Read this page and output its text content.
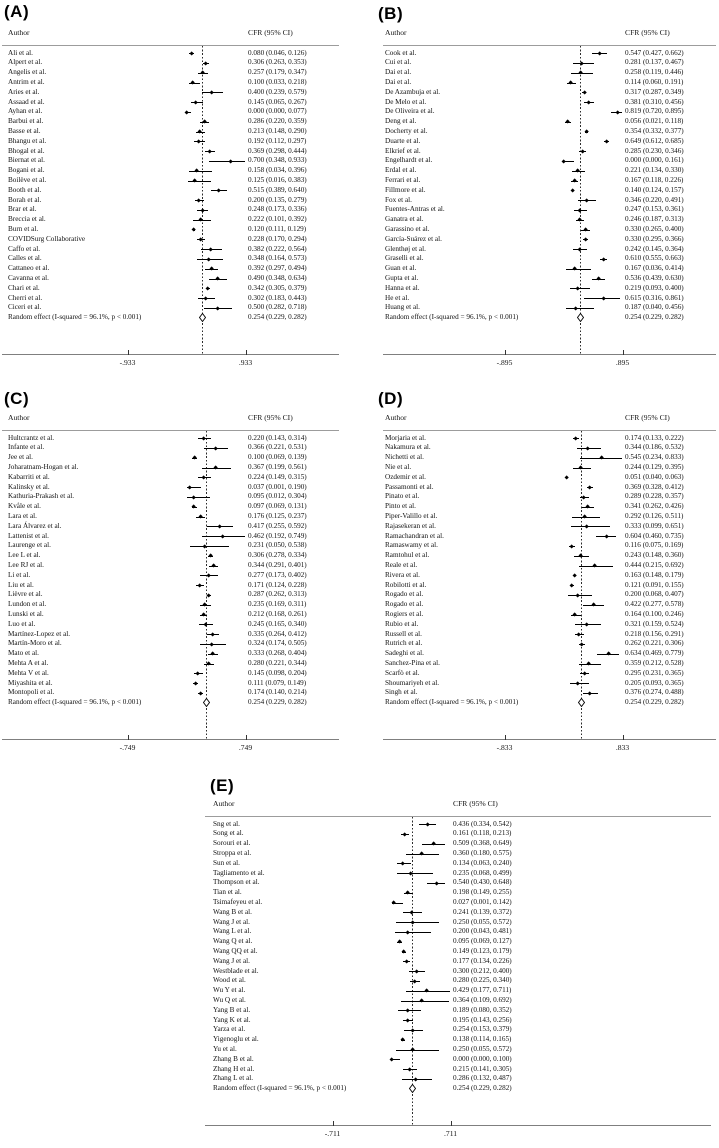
(A)
Author	CFR (95% CI)
Ali et al.	0.080 (0.046, 0.126)
Alpert et al.	0.306 (0.263, 0.353)
Angelis et al.	0.257 (0.179, 0.347)
Antrim et al.	0.100 (0.033, 0.218)
Aries et al.	0.400 (0.239, 0.579)
Assaad et al.	0.145 (0.065, 0.267)
Ayhan et al.	0.000 (0.000, 0.077)
Barbui et al.	0.286 (0.220, 0.359)
Basse et al.	0.213 (0.148, 0.290)
Bhangu et al.	0.192 (0.112, 0.297)
Bhogal et al.	0.369 (0.298, 0.444)
Biernat et al.	0.700 (0.348, 0.933)
Bogani et al.	0.158 (0.034, 0.396)
Boilève et al.	0.125 (0.016, 0.383)
Booth et al.	0.515 (0.389, 0.640)
Borah et al.	0.200 (0.135, 0.279)
Brar et al.	0.248 (0.173, 0.336)
Breccia et al.	0.222 (0.101, 0.392)
Burn et al.	0.120 (0.111, 0.129)
COVIDSurg Collaborative	0.228 (0.170, 0.294)
Caffo et al.	0.382 (0.222, 0.564)
Calles et al.	0.348 (0.164, 0.573)
Cattaneo et al.	0.392 (0.297, 0.494)
Cavanna et al.	0.490 (0.348, 0.634)
Chari et al.	0.342 (0.305, 0.379)
Cherri et al.	0.302 (0.183, 0.443)
Ciceri et al.	0.500 (0.282, 0.718)
Random effect (I-squared = 96.1%, p < 0.001)	0.254 (0.229, 0.282)
-.933	.933
(B)
Author	CFR (95% CI)
Cook et al.	0.547 (0.427, 0.662)
Cui et al.	0.281 (0.137, 0.467)
Dai et al.	0.258 (0.119, 0.446)
Dai et al.	0.114 (0.060, 0.191)
De Azambuja et al.	0.317 (0.287, 0.349)
De Melo et al.	0.381 (0.310, 0.456)
De Oliveira et al.	0.819 (0.720, 0.895)
Deng et al.	0.056 (0.021, 0.118)
Docherty et al.	0.354 (0.332, 0.377)
Duarte et al.	0.649 (0.612, 0.685)
Elkrief et al.	0.285 (0.230, 0.346)
Engelhardt et al.	0.000 (0.000, 0.161)
Erdal et al.	0.221 (0.134, 0.330)
Ferrari et al.	0.167 (0.118, 0.226)
Fillmore et al.	0.140 (0.124, 0.157)
Fox et al.	0.346 (0.220, 0.491)
Fuentes-Antras et al.	0.247 (0.153, 0.361)
Ganatra et al.	0.246 (0.187, 0.313)
Garassino et al.	0.330 (0.265, 0.400)
García-Suárez et al.	0.330 (0.295, 0.366)
Glenthøj et al.	0.242 (0.145, 0.364)
Graselli et al.	0.610 (0.555, 0.663)
Guan et al.	0.167 (0.036, 0.414)
Gupta et al.	0.536 (0.439, 0.630)
Hanna et al.	0.219 (0.093, 0.400)
He et al.	0.615 (0.316, 0.861)
Huang et al.	0.187 (0.040, 0.456)
Random effect (I-squared = 96.1%, p < 0.001)	0.254 (0.229, 0.282)
-.895	.895
(C)
Author	CFR (95% CI)
Hultcrantz et al.	0.220 (0.143, 0.314)
Infante et al.	0.366 (0.221, 0.531)
Jee et al.	0.100 (0.069, 0.139)
Joharatnam-Hogan et al.	0.367 (0.199, 0.561)
Kabarriti et al.	0.224 (0.149, 0.315)
Kalinsky et al.	0.037 (0.001, 0.190)
Kathuria-Prakash et al.	0.095 (0.012, 0.304)
Kvåle et al.	0.097 (0.069, 0.131)
Lara et al.	0.176 (0.125, 0.237)
Lara Álvarez et al.	0.417 (0.255, 0.592)
Lattenist et al.	0.462 (0.192, 0.749)
Laurenge et al.	0.231 (0.050, 0.538)
Lee L et al.	0.306 (0.278, 0.334)
Lee RJ et al.	0.344 (0.291, 0.401)
Li et al.	0.277 (0.173, 0.402)
Liu et al.	0.171 (0.124, 0.228)
Lièvre et al.	0.287 (0.262, 0.313)
Lundon et al.	0.235 (0.169, 0.311)
Lunski et al.	0.212 (0.168, 0.261)
Luo et al.	0.245 (0.165, 0.340)
Martínez-Lopez et al.	0.335 (0.264, 0.412)
Martín-Moro et al.	0.324 (0.174, 0.505)
Mato et al.	0.333 (0.268, 0.404)
Mehta A et al.	0.280 (0.221, 0.344)
Mehta V et al.	0.145 (0.098, 0.204)
Miyashita et al.	0.111 (0.079, 0.149)
Montopoli et al.	0.174 (0.140, 0.214)
Random effect (I-squared = 96.1%, p < 0.001)	0.254 (0.229, 0.282)
-.749	.749
(D)
Author	CFR (95% CI)
Morjaria et al.	0.174 (0.133, 0.222)
Nakamura et al.	0.344 (0.186, 0.532)
Nichetti et al.	0.545 (0.234, 0.833)
Nie et al.	0.244 (0.129, 0.395)
Ozdemir et al.	0.051 (0.040, 0.063)
Passamonti et al.	0.369 (0.328, 0.412)
Pinato et al.	0.289 (0.228, 0.357)
Pinto et al.	0.341 (0.262, 0.426)
Piper-Valillo et al.	0.292 (0.126, 0.511)
Rajasekeran et al.	0.333 (0.099, 0.651)
Ramachandran et al.	0.604 (0.460, 0.735)
Ramaswamy et al.	0.116 (0.075, 0.169)
Ramtohul et al.	0.243 (0.148, 0.360)
Reale et al.	0.444 (0.215, 0.692)
Rivera et al.	0.163 (0.148, 0.179)
Robilotti et al.	0.121 (0.091, 0.155)
Rogado et al.	0.200 (0.068, 0.407)
Rogado et al.	0.422 (0.277, 0.578)
Rogiers et al.	0.164 (0.100, 0.246)
Rubio et al.	0.321 (0.159, 0.524)
Russell et al.	0.218 (0.156, 0.291)
Rutrich et al.	0.262 (0.221, 0.306)
Sadeghi et al.	0.634 (0.469, 0.779)
Sanchez-Pina et al.	0.359 (0.212, 0.528)
Scarfò et al.	0.295 (0.231, 0.365)
Shoumariyeh et al.	0.205 (0.093, 0.365)
Singh et al.	0.376 (0.274, 0.488)
Random effect (I-squared = 96.1%, p < 0.001)	0.254 (0.229, 0.282)
-.833	.833
(E)
Author	CFR (95% CI)
Sng et al.	0.436 (0.334, 0.542)
Song et al.	0.161 (0.118, 0.213)
Sorouri et al.	0.509 (0.368, 0.649)
Stroppa et al.	0.360 (0.180, 0.575)
Sun et al.	0.134 (0.063, 0.240)
Tagliamento et al.	0.235 (0.068, 0.499)
Thompson et al.	0.540 (0.430, 0.648)
Tian et al.	0.198 (0.149, 0.255)
Tsimafeyeu et al.	0.027 (0.001, 0.142)
Wang B et al.	0.241 (0.139, 0.372)
Wang J et al.	0.250 (0.055, 0.572)
Wang L et al.	0.200 (0.043, 0.481)
Wang Q et al.	0.095 (0.069, 0.127)
Wang QQ et al.	0.149 (0.123, 0.179)
Wang J et al.	0.177 (0.134, 0.226)
Westblade et al.	0.300 (0.212, 0.400)
Wood et al.	0.280 (0.225, 0.340)
Wu Y et al.	0.429 (0.177, 0.711)
Wu Q et al.	0.364 (0.109, 0.692)
Yang B et al.	0.189 (0.080, 0.352)
Yang K et al.	0.195 (0.143, 0.256)
Yarza et al.	0.254 (0.153, 0.379)
Yigenoglu et al.	0.138 (0.114, 0.165)
Yu et al.	0.250 (0.055, 0.572)
Zhang B et al.	0.000 (0.000, 0.100)
Zhang H et al.	0.215 (0.141, 0.305)
Zhang L et al.	0.286 (0.132, 0.487)
Random effect (I-squared = 96.1%, p < 0.001)	0.254 (0.229, 0.282)
-.711	.711
